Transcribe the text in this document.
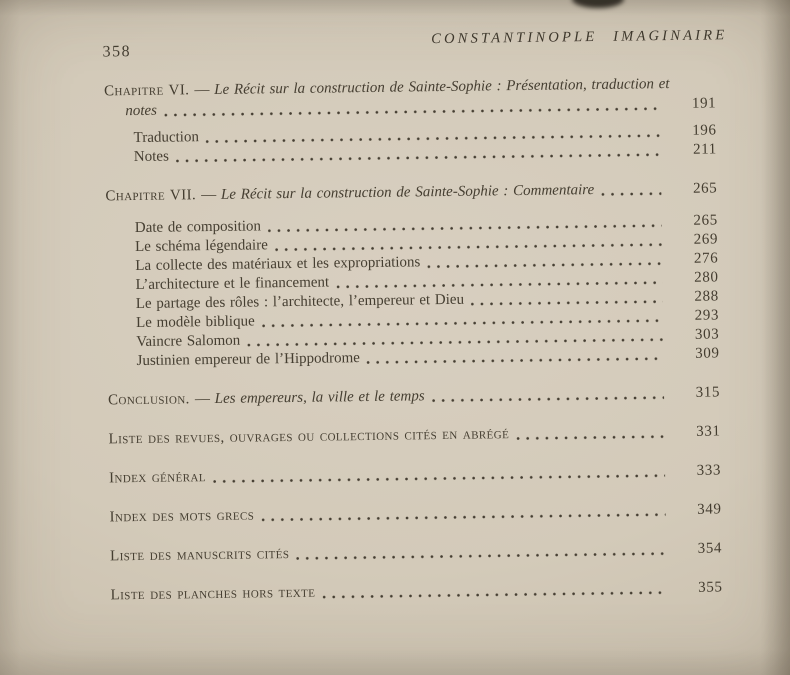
358
CONSTANTINOPLE IMAGINAIRE
Chapitre VI. — Le Récit sur la construction de Sainte-Sophie : Présentation, traduction et
notes	191
Traduction	196
Notes	211
Chapitre VII. — Le Récit sur la construction de Sainte-Sophie : Commentaire	265
Date de composition	265
Le schéma légendaire	269
La collecte des matériaux et les expropriations	276
L’architecture et le financement	280
Le partage des rôles : l’architecte, l’empereur et Dieu	288
Le modèle biblique	293
Vaincre Salomon	303
Justinien empereur de l’Hippodrome	309
Conclusion. — Les empereurs, la ville et le temps	315
Liste des revues, ouvrages ou collections cités en abrégé	331
Index général	333
Index des mots grecs	349
Liste des manuscrits cités	354
Liste des planches hors texte	355
